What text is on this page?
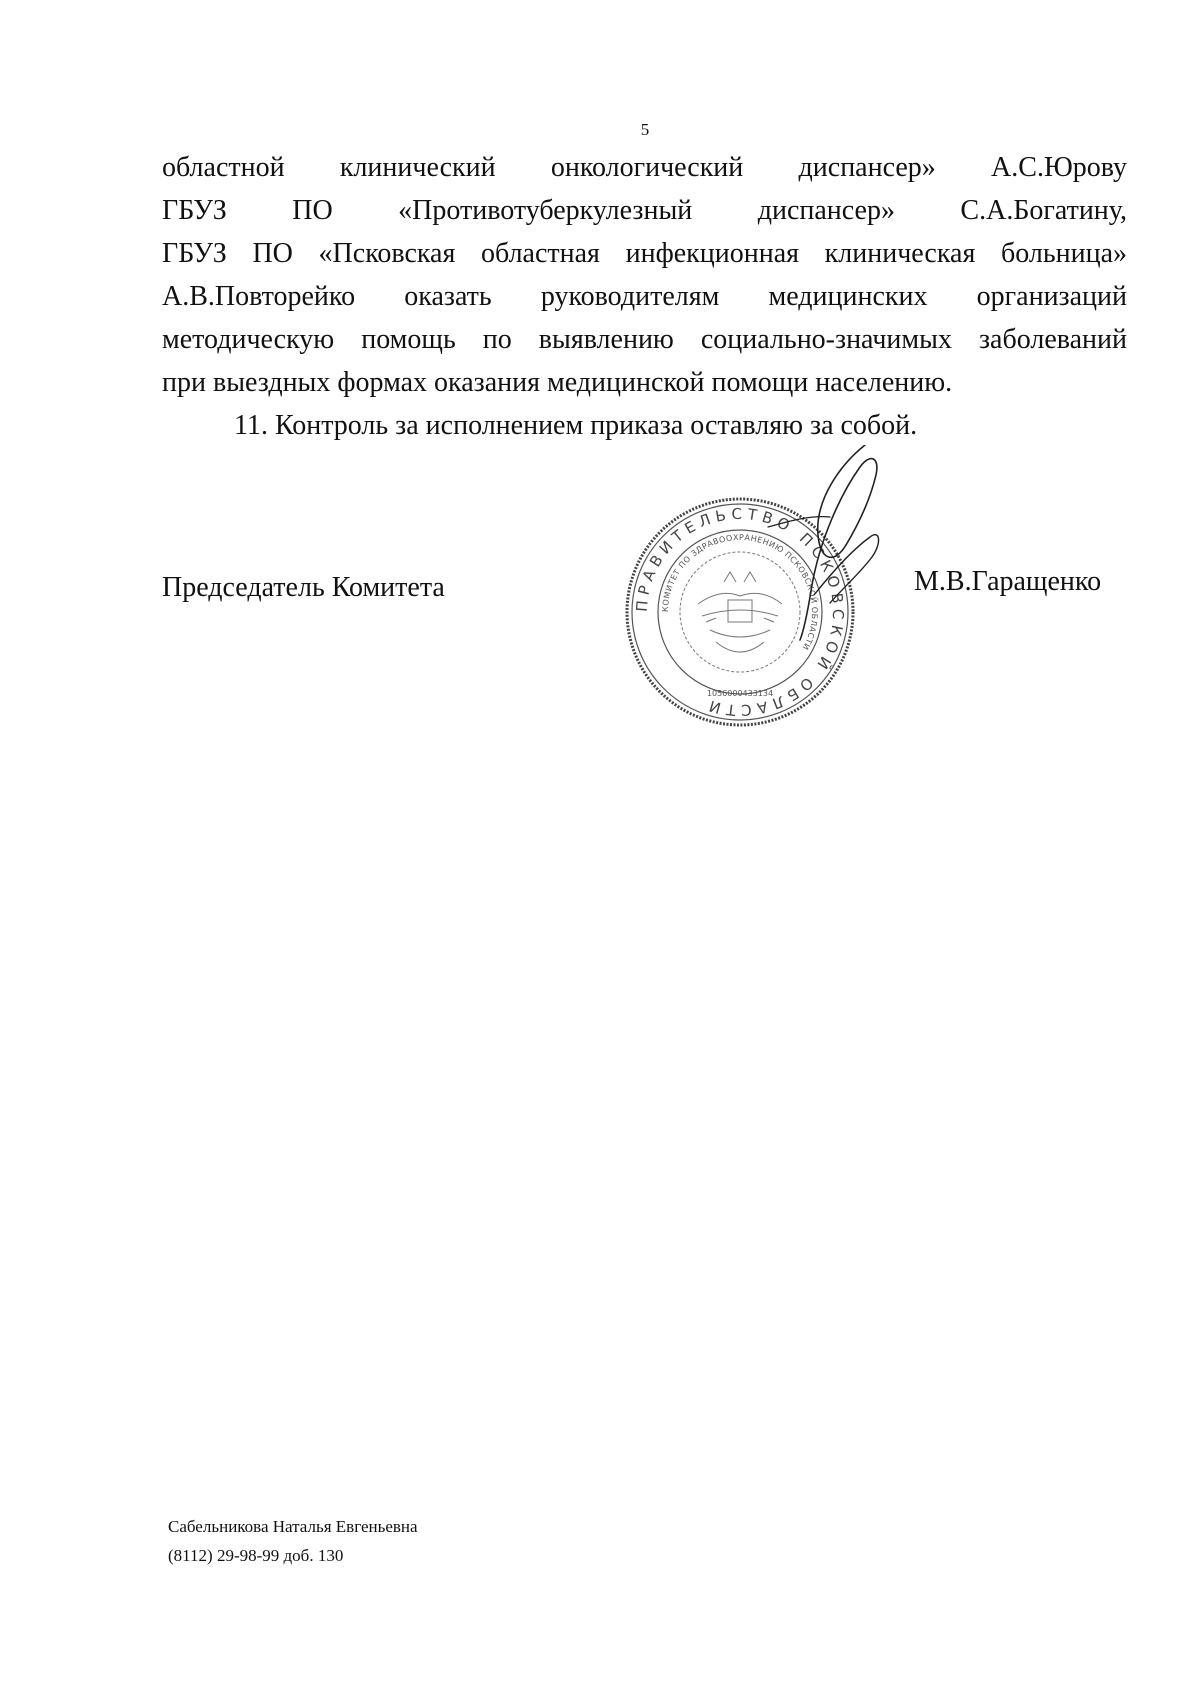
5
областной клинический онкологический диспансер» А.С.Юрову
ГБУЗ ПО «Противотуберкулезный диспансер» С.А.Богатину,
ГБУЗ ПО «Псковская областная инфекционная клиническая больница»
А.В.Повторейко оказать руководителям медицинских организаций
методическую помощь по выявлению социально-значимых заболеваний
при выездных формах оказания медицинской помощи населению.
11. Контроль за исполнением приказа оставляю за собой.
Председатель Комитета
ПРАВИТЕЛЬСТВО ПСКОВСКОЙ ОБЛАСТИ
КОМИТЕТ ПО ЗДРАВООХРАНЕНИЮ ПСКОВСКОЙ ОБЛАСТИ
1056000433134
М.В.Гаращенко
Сабельникова Наталья Евгеньевна
(8112) 29-98-99 доб. 130
